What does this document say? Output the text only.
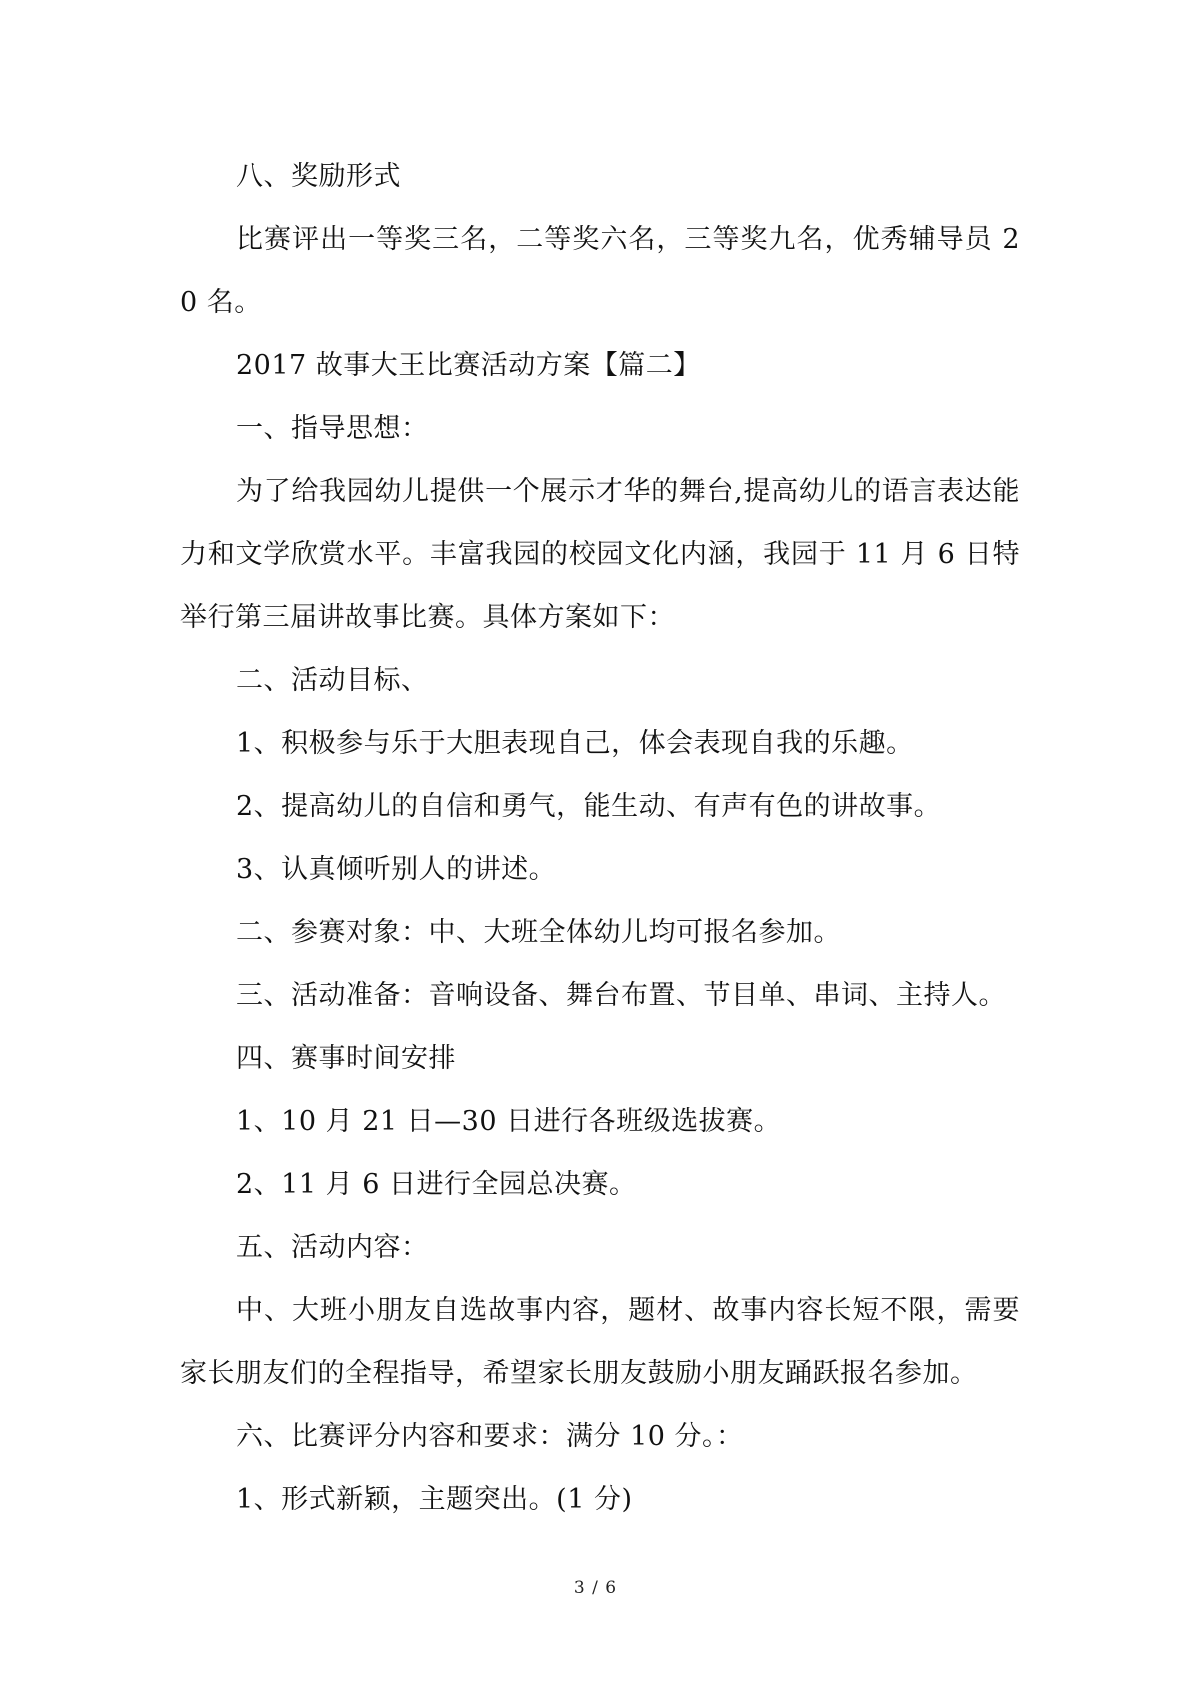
八、奖励形式

比赛评出一等奖三名，二等奖六名，三等奖九名，优秀辅导员 20 名。

2017 故事大王比赛活动方案【篇二】

一、指导思想：

为了给我园幼儿提供一个展示才华的舞台,提高幼儿的语言表达能力和文学欣赏水平。丰富我园的校园文化内涵，我园于 11 月 6 日特举行第三届讲故事比赛。具体方案如下：

二、活动目标、

1、积极参与乐于大胆表现自己，体会表现自我的乐趣。

2、提高幼儿的自信和勇气，能生动、有声有色的讲故事。

3、认真倾听别人的讲述。

二、参赛对象：中、大班全体幼儿均可报名参加。

三、活动准备：音响设备、舞台布置、节目单、串词、主持人。

四、赛事时间安排

1、10 月 21 日—30 日进行各班级选拔赛。

2、11 月 6 日进行全园总决赛。

五、活动内容：

中、大班小朋友自选故事内容，题材、故事内容长短不限，需要家长朋友们的全程指导，希望家长朋友鼓励小朋友踊跃报名参加。

六、比赛评分内容和要求：满分 10 分。：

1、形式新颖，主题突出。(1 分)

3 / 6
